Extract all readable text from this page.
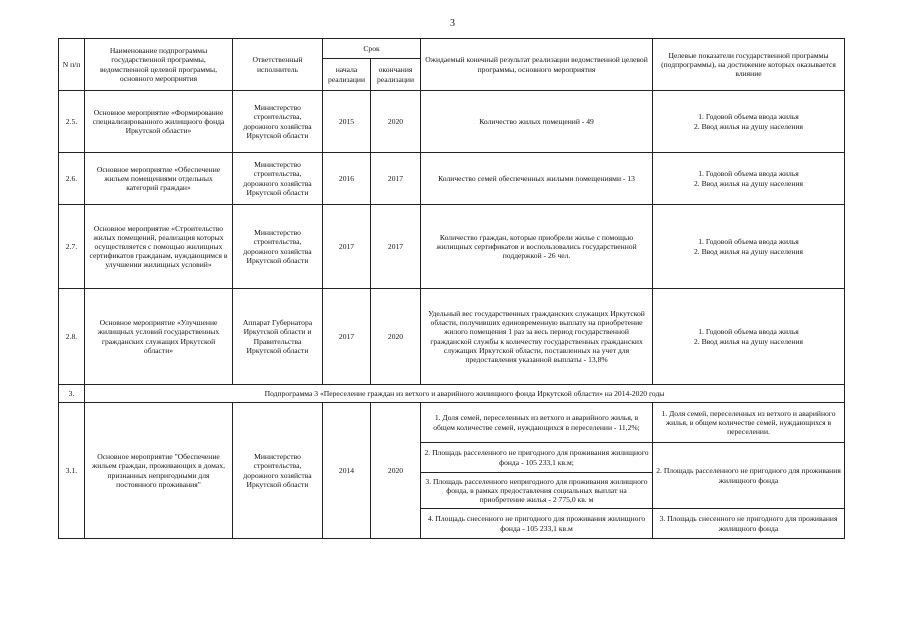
3
N п/п	Наименование подпрограммы государственной программы, ведомственной целевой программы, основного мероприятия	Ответственный исполнитель	Срок		Ожидаемый конечный результат реализации ведомственной целевой программы, основного мероприятия	Целевые показатели государственной программы (подпрограммы), на достижение которых оказывается влияние
			начала реализации	окончания реализации		
2.5.	Основное мероприятие «Формирование специализированного жилищного фонда Иркутской области»	Министерство строительства, дорожного хозяйства Иркутской области	2015	2020	Количество жилых помещений - 49	1. Годовой объема ввода жилья
2. Ввод жилья на душу населения

2.6.	Основное мероприятие «Обеспечение жильем помещениями отдельных категорий граждан»	Министерство строительства, дорожного хозяйства Иркутской области	2016	2017	Количество семей обеспеченных жилыми помещениями - 13	1. Годовой объема ввода жилья
2. Ввод жилья на душу населения

2.7.	Основное мероприятие «Строительство жилых помещений, реализация которых осуществляется с помощью жилищных сертификатов гражданам, нуждающимся в улучшении жилищных условий»	Министерство строительства, дорожного хозяйства Иркутской области	2017	2017	Количество граждан, которые приобрели жилье с помощью жилищных сертификатов и воспользовались государственной поддержкой - 26 чел.	1. Годовой объема ввода жилья
2. Ввод жилья на душу населения

2.8.	Основное мероприятие «Улучшение жилищных условий государственных гражданских служащих Иркутской области»	Аппарат Губернатора Иркутской области и Правительства Иркутской области	2017	2020	Удельный вес государственных гражданских служащих Иркутской области, получивших единовременную выплату на приобретение жилого помещения 1 раз за весь период государственной гражданской службы к количеству государственных гражданских служащих Иркутской области, поставленных на учет для предоставления указанной выплаты - 13,8%	1. Годовой объема ввода жилья
2. Ввод жилья на душу населения

3.	Подпрограмма 3 «Переселение граждан из ветхого и аварийного жилищного фонда Иркутской области» на 2014-2020 годы					
3.1.	Основное мероприятие "Обеспечение жильем граждан, проживающих в домах, признанных непригодными для постоянного проживания"	Министерство строительства, дорожного хозяйства Иркутской области	2014	2020	1. Доля семей, переселенных из ветхого и аварийного жилья, в общем количестве семей, нуждающихся в переселении - 11,2%;	1. Доля семей, переселенных из ветхого и аварийного жилья, в общем количестве семей, нуждающихся в переселении.
					2. Площадь расселенного не пригодного для проживания жилищного фонда - 105 233,1 кв.м;	2. Площадь расселенного не пригодного для проживания жилищного фонда
					3. Площадь расселенного непригодного для проживания жилищного фонда, в рамках предоставления социальных выплат на приобретение жилья - 2 775,0 кв. м	
					4. Площадь снесенного не пригодного для проживания жилищного фонда - 105 233,1 кв.м	3. Площадь снесенного не пригодного для проживания жилищного фонда
